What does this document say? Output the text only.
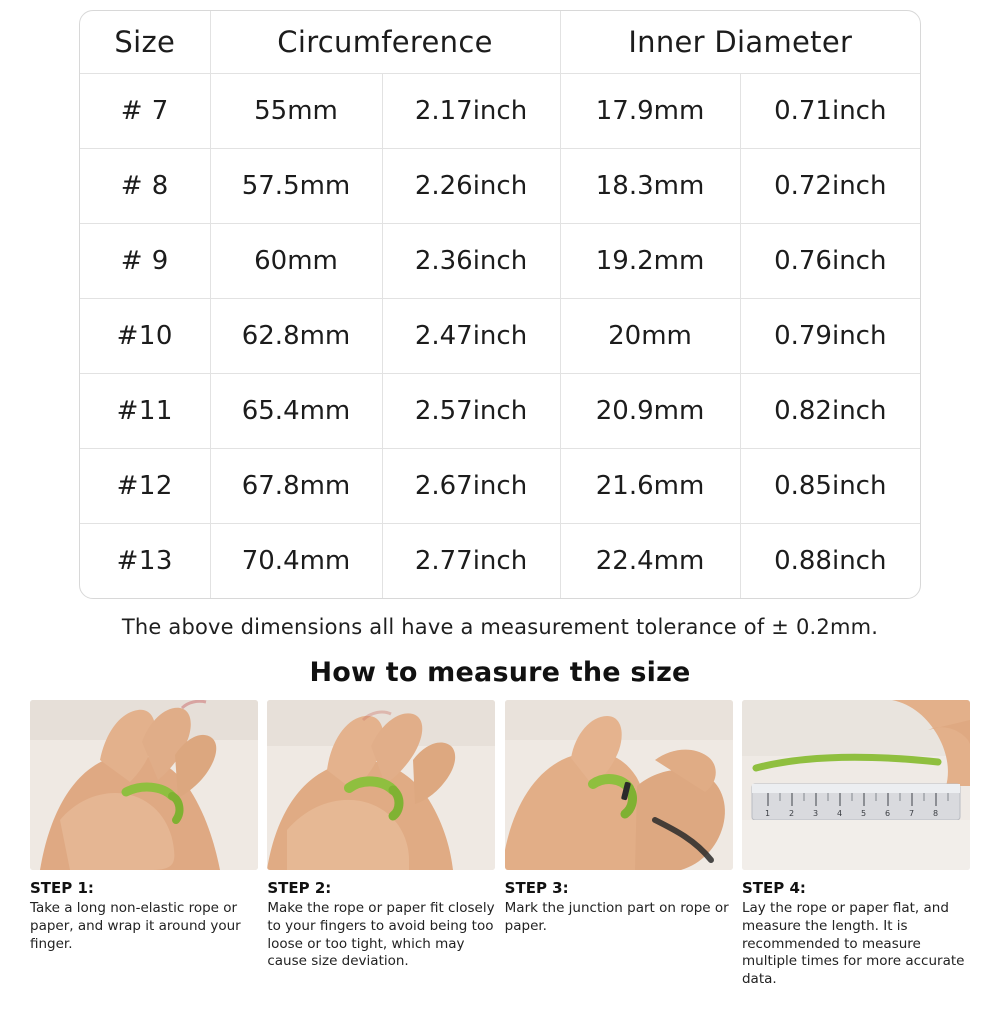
Size	Circumference		Inner Diameter	
# 7	55mm	2.17inch	17.9mm	0.71inch
# 8	57.5mm	2.26inch	18.3mm	0.72inch
# 9	60mm	2.36inch	19.2mm	0.76inch
#10	62.8mm	2.47inch	20mm	0.79inch
#11	65.4mm	2.57inch	20.9mm	0.82inch
#12	67.8mm	2.67inch	21.6mm	0.85inch
#13	70.4mm	2.77inch	22.4mm	0.88inch
The above dimensions all have a measurement tolerance of ± 0.2mm.
How to measure the size
STEP 1:
Take a long non-elastic rope or paper, and wrap it around your finger.
STEP 2:
Make the rope or paper fit closely to your fingers to avoid being too loose or too tight, which may cause size deviation.
STEP 3:
Mark the junction part on rope or paper.
1 2 3 4 5 6 7 8
STEP 4:
Lay the rope or paper flat, and measure the length. It is recommended to measure multiple times for more accurate data.
